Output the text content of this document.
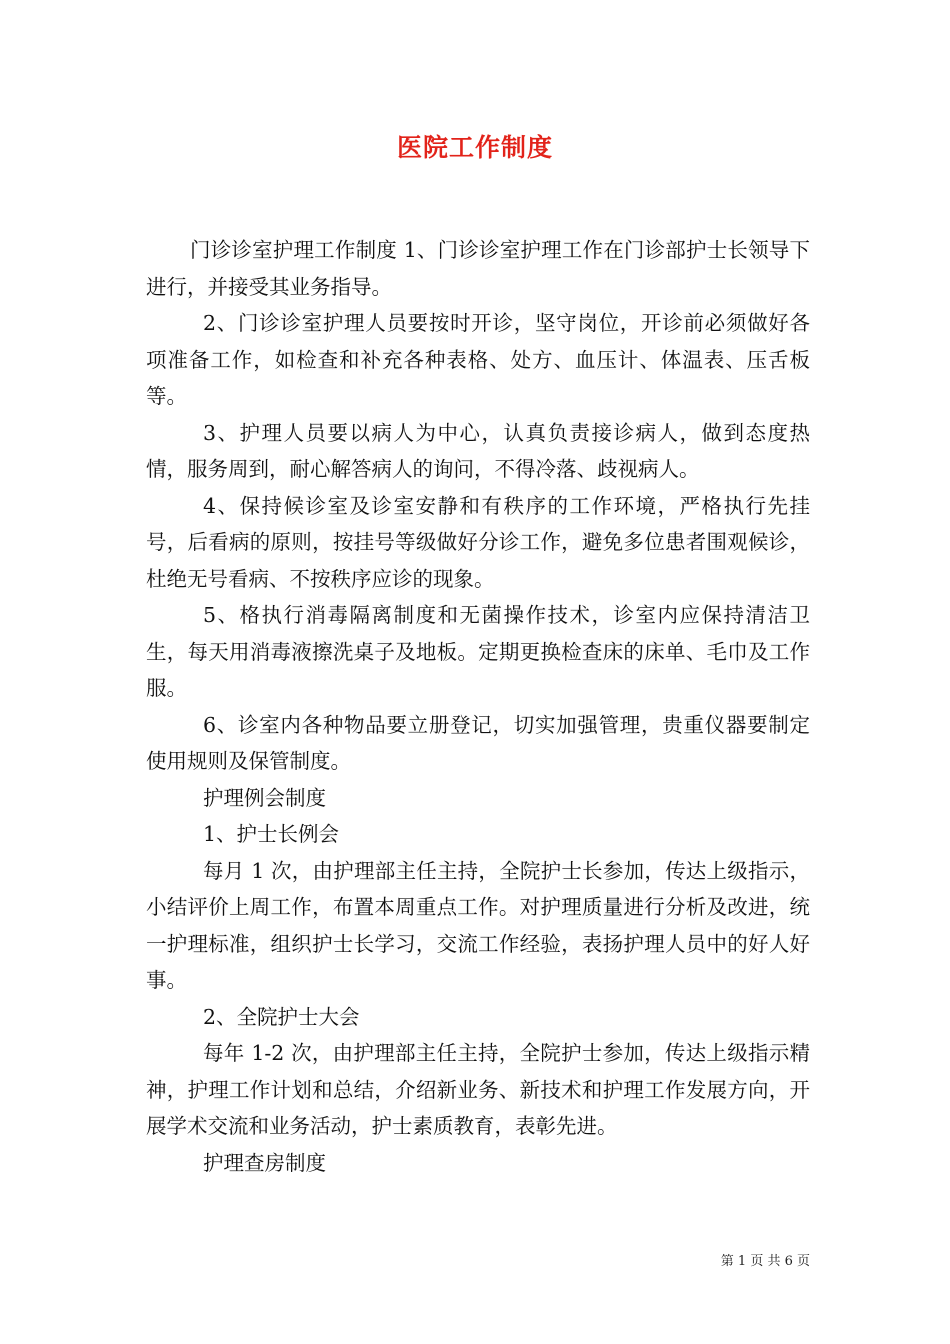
医院工作制度

门诊诊室护理工作制度 1、门诊诊室护理工作在门诊部护士长领导下进行，并接受其业务指导。

2、门诊诊室护理人员要按时开诊，坚守岗位，开诊前必须做好各项准备工作，如检查和补充各种表格、处方、血压计、体温表、压舌板等。

3、护理人员要以病人为中心，认真负责接诊病人，做到态度热情，服务周到，耐心解答病人的询问，不得冷落、歧视病人。

4、保持候诊室及诊室安静和有秩序的工作环境，严格执行先挂号，后看病的原则，按挂号等级做好分诊工作，避免多位患者围观候诊，杜绝无号看病、不按秩序应诊的现象。

5、格执行消毒隔离制度和无菌操作技术，诊室内应保持清洁卫生，每天用消毒液擦洗桌子及地板。定期更换检查床的床单、毛巾及工作服。

6、诊室内各种物品要立册登记，切实加强管理，贵重仪器要制定使用规则及保管制度。

护理例会制度

1、护士长例会

每月 1 次，由护理部主任主持，全院护士长参加，传达上级指示，小结评价上周工作，布置本周重点工作。对护理质量进行分析及改进，统一护理标准，组织护士长学习，交流工作经验，表扬护理人员中的好人好事。

2、全院护士大会

每年 1-2 次，由护理部主任主持，全院护士参加，传达上级指示精神，护理工作计划和总结，介绍新业务、新技术和护理工作发展方向，开展学术交流和业务活动，护士素质教育，表彰先进。

护理查房制度

第 1 页 共 6 页
